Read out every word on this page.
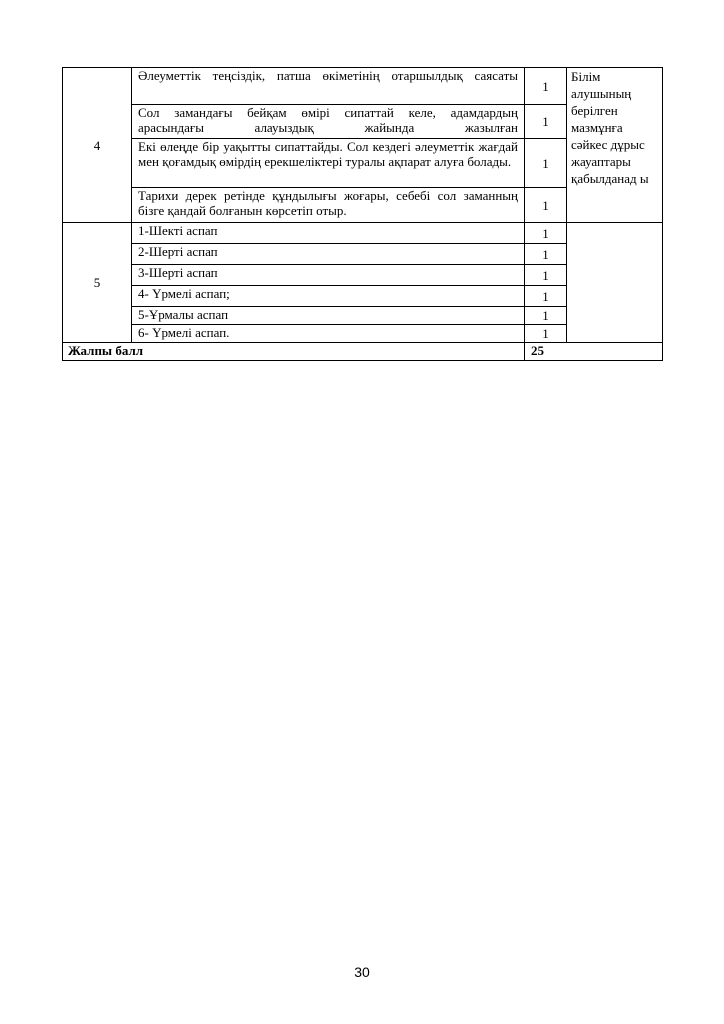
4	Әлеуметтік теңсіздік, патша өкіметінің отаршылдық саясаты	1	Білім алушының берілген мазмұнға сәйкес дұрыс жауаптары қабылданад ы
	Сол замандағы бейқам өмірі сипаттай келе, адамдардың арасындағы алауыздық жайында жазылған	1	
	Екі өлеңде бір уақытты сипаттайды. Сол кездегі әлеуметтік жағдай мен қоғамдық өмірдің ерекшеліктері туралы ақпарат алуға болады.	1	
	Тарихи дерек ретінде құндылығы жоғары, себебі сол заманның бізге қандай болғанын көрсетіп отыр.	1	
5	1-Шекті аспап	1	
	2-Шерті аспап	1	
	3-Шерті аспап	1	
	4- Үрмелі аспап;	1	
	5-Ұрмалы аспап	1	
	6- Үрмелі аспап.	1	
Жалпы балл		25	
30
